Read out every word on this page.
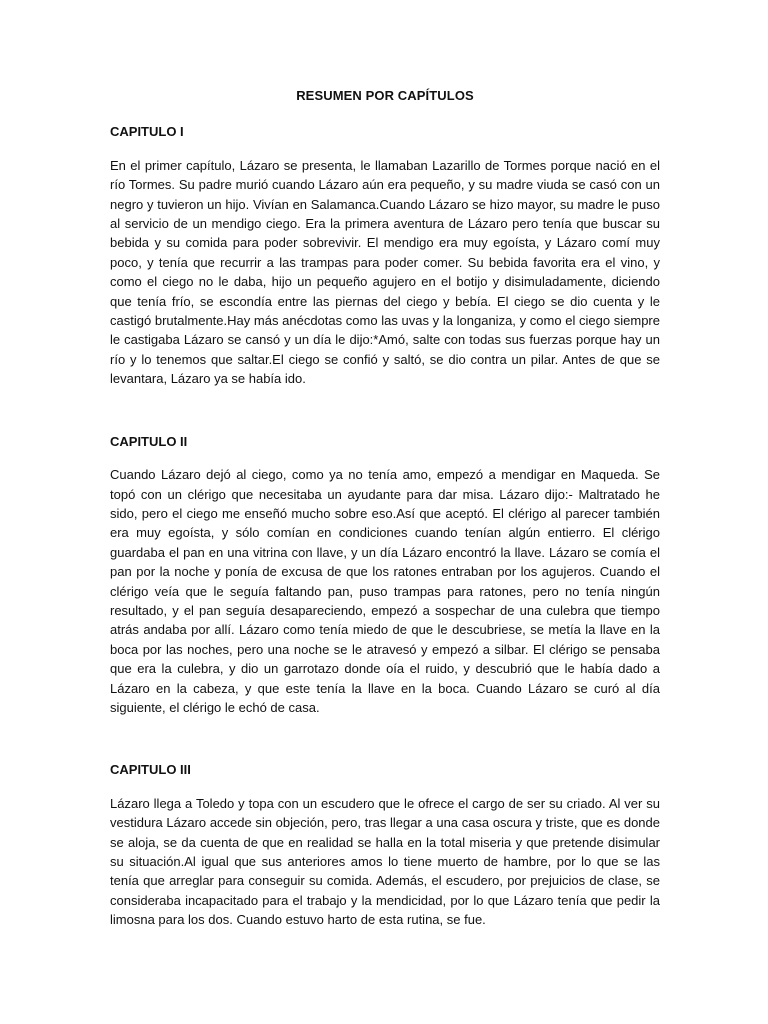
RESUMEN POR CAPÍTULOS
CAPITULO I

En el primer capítulo, Lázaro se presenta, le llamaban Lazarillo de Tormes porque nació en el río Tormes. Su padre murió cuando Lázaro aún era pequeño, y su madre viuda se casó con un negro y tuvieron un hijo. Vivían en Salamanca.Cuando Lázaro se hizo mayor, su madre le puso al servicio de un mendigo ciego. Era la primera aventura de Lázaro pero tenía que buscar su bebida y su comida para poder sobrevivir. El mendigo era muy egoísta, y Lázaro comí muy poco, y tenía que recurrir a las trampas para poder comer. Su bebida favorita era el vino, y como el ciego no le daba, hijo un pequeño agujero en el botijo y disimuladamente, diciendo que tenía frío, se escondía entre las piernas del ciego y bebía. El ciego se dio cuenta y le castigó brutalmente.Hay más anécdotas como las uvas y la longaniza, y como el ciego siempre le castigaba Lázaro se cansó y un día le dijo:*Amó, salte con todas sus fuerzas porque hay un río y lo tenemos que saltar.El ciego se confió y saltó, se dio contra un pilar. Antes de que se levantara, Lázaro ya se había ido.

CAPITULO II

Cuando Lázaro dejó al ciego, como ya no tenía amo, empezó a mendigar en Maqueda. Se topó con un clérigo que necesitaba un ayudante para dar misa. Lázaro dijo:- Maltratado he sido, pero el ciego me enseñó mucho sobre eso.Así que aceptó. El clérigo al parecer también era muy egoísta, y sólo comían en condiciones cuando tenían algún entierro. El clérigo guardaba el pan en una vitrina con llave, y un día Lázaro encontró la llave. Lázaro se comía el pan por la noche y ponía de excusa de que los ratones entraban por los agujeros. Cuando el clérigo veía que le seguía faltando pan, puso trampas para ratones, pero no tenía ningún resultado, y el pan seguía desapareciendo, empezó a sospechar de una culebra que tiempo atrás andaba por allí. Lázaro como tenía miedo de que le descubriese, se metía la llave en la boca por las noches, pero una noche se le atravesó y empezó a silbar. El clérigo se pensaba que era la culebra, y dio un garrotazo donde oía el ruido, y descubrió que le había dado a Lázaro en la cabeza, y que este tenía la llave en la boca. Cuando Lázaro se curó al día siguiente, el clérigo le echó de casa.

CAPITULO III

Lázaro llega a Toledo y topa con un escudero que le ofrece el cargo de ser su criado. Al ver su vestidura Lázaro accede sin objeción, pero, tras llegar a una casa oscura y triste, que es donde se aloja, se da cuenta de que en realidad se halla en la total miseria y que pretende disimular su situación.Al igual que sus anteriores amos lo tiene muerto de hambre, por lo que se las tenía que arreglar para conseguir su comida. Además, el escudero, por prejuicios de clase, se consideraba incapacitado para el trabajo y la mendicidad, por lo que Lázaro tenía que pedir la limosna para los dos. Cuando estuvo harto de esta rutina, se fue.
